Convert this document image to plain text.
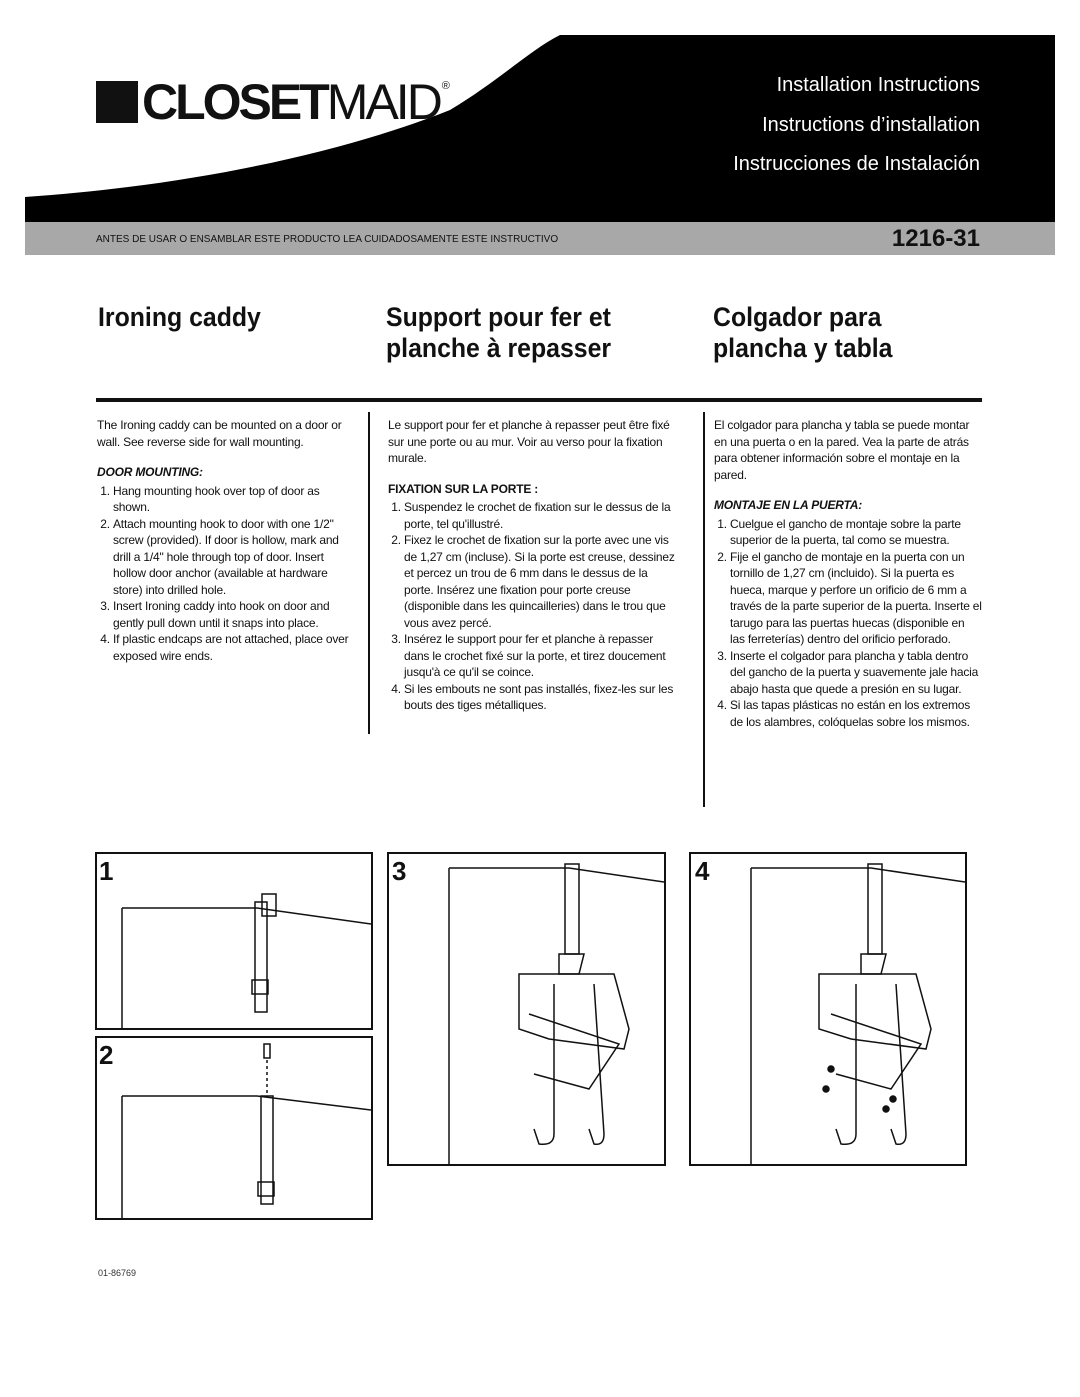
CLOSET MAID ®	Installation Instructions
Instructions d’installation
Instrucciones de Instalación
ANTES DE USAR O ENSAMBLAR ESTE PRODUCTO LEA CUIDADOSAMENTE ESTE INSTRUCTIVO	1216-31
Ironing caddy	Support pour fer et planche à repasser
Colgador para plancha y tabla

The Ironing caddy can be mounted on a door or wall. See reverse side for wall mounting.

DOOR MOUNTING:
1. Hang mounting hook over top of door as shown.
2. Attach mounting hook to door with one 1/2" screw (provided). If door is hollow, mark and drill a 1/4" hole through top of door. Insert hollow door anchor (available at hardware store) into drilled hole.
3. Insert Ironing caddy into hook on door and gently pull down until it snaps into place.
4. If plastic endcaps are not attached, place over exposed wire ends.

Le support pour fer et planche à repasser peut être fixé sur une porte ou au mur. Voir au verso pour la fixation murale.

FIXATION SUR LA PORTE :
1. Suspendez le crochet de fixation sur le dessus de la porte, tel qu'illustré.
2. Fixez le crochet de fixation sur la porte avec une vis de 1,27 cm (incluse). Si la porte est creuse, dessinez et percez un trou de 6 mm dans le dessus de la porte. Insérez une fixation pour porte creuse (disponible dans les quincailleries) dans le trou que vous avez percé.
3. Insérez le support pour fer et planche à repasser dans le crochet fixé sur la porte, et tirez doucement jusqu'à ce qu'il se coince.
4. Si les embouts ne sont pas installés, fixez-les sur les bouts des tiges métalliques.

El colgador para plancha y tabla se puede montar en una puerta o en la pared. Vea la parte de atrás para obtener información sobre el montaje en la pared.

MONTAJE EN LA PUERTA:
1. Cuelgue el gancho de montaje sobre la parte superior de la puerta, tal como se muestra.
2. Fije el gancho de montaje en la puerta con un tornillo de 1,27 cm (incluido). Si la puerta es hueca, marque y perfore un orificio de 6 mm a través de la parte superior de la puerta. Inserte el tarugo para las puertas huecas (disponible en las ferreterías) dentro del orificio perforado.
3. Inserte el colgador para plancha y tabla dentro del gancho de la puerta y suavemente jale hacia abajo hasta que quede a presión en su lugar.
4. Si las tapas plásticas no están en los extremos de los alambres, colóquelas sobre los mismos.
1
2
3	4
01-86769
